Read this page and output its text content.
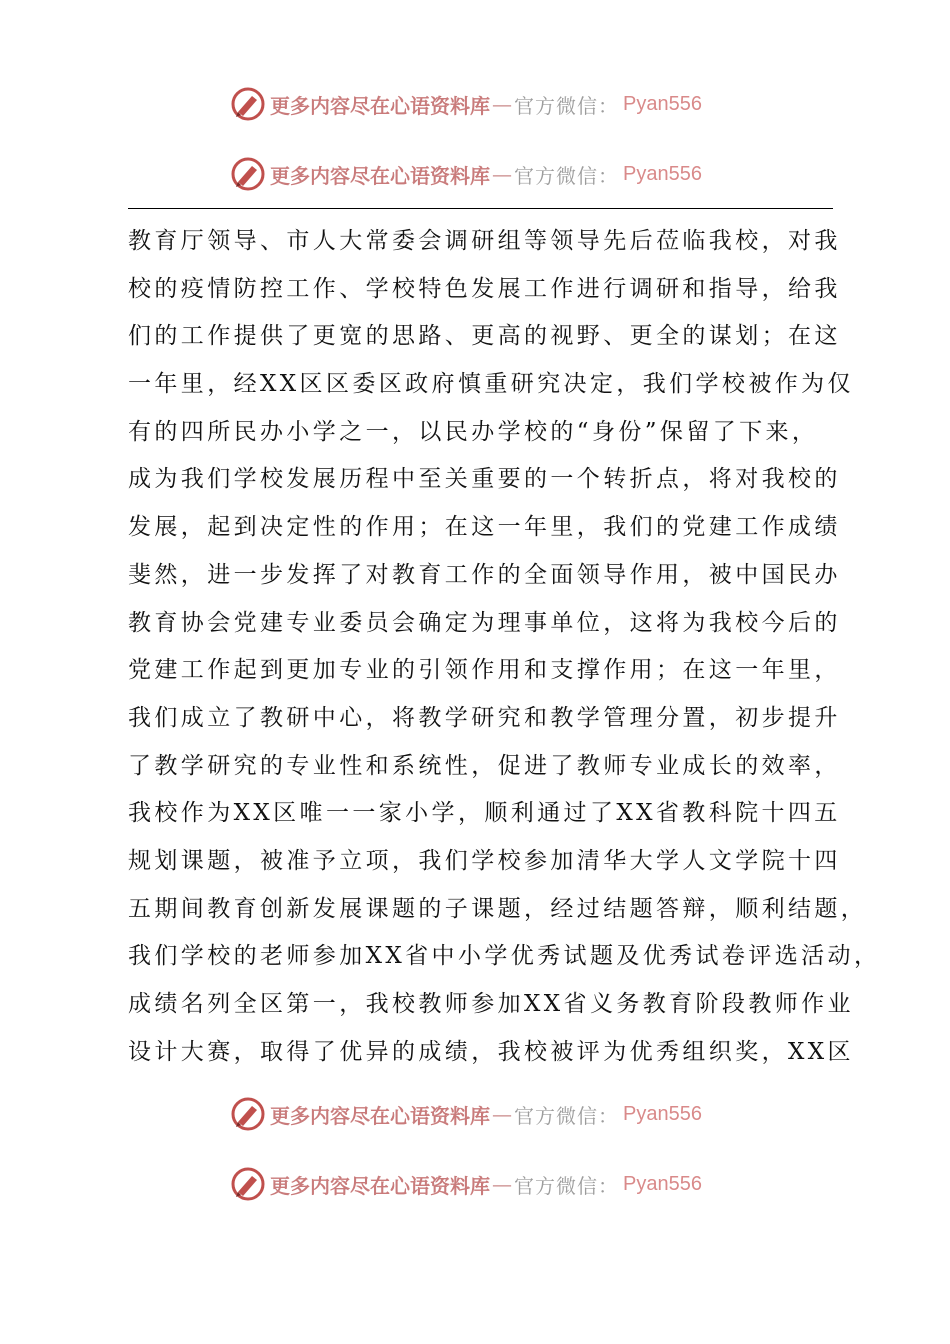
更多内容尽在心语资料库 — 官方微信： Pyan556
更多内容尽在心语资料库 — 官方微信： Pyan556
教育厅领导、市人大常委会调研组等领导先后莅临我校，对我
校的疫情防控工作、学校特色发展工作进行调研和指导，给我
们的工作提供了更宽的思路、更高的视野、更全的谋划；在这
一年里，经XX区区委区政府慎重研究决定，我们学校被作为仅
有的四所民办小学之一，以民办学校的“身份”保留了下来，
成为我们学校发展历程中至关重要的一个转折点，将对我校的
发展，起到决定性的作用；在这一年里，我们的党建工作成绩
斐然，进一步发挥了对教育工作的全面领导作用，被中国民办
教育协会党建专业委员会确定为理事单位，这将为我校今后的
党建工作起到更加专业的引领作用和支撑作用；在这一年里，
我们成立了教研中心，将教学研究和教学管理分置，初步提升
了教学研究的专业性和系统性，促进了教师专业成长的效率，
我校作为XX区唯一一家小学，顺利通过了XX省教科院十四五
规划课题，被准予立项，我们学校参加清华大学人文学院十四
五期间教育创新发展课题的子课题，经过结题答辩，顺利结题，
我们学校的老师参加XX省中小学优秀试题及优秀试卷评选活动，
成绩名列全区第一，我校教师参加XX省义务教育阶段教师作业
设计大赛，取得了优异的成绩，我校被评为优秀组织奖，XX区
更多内容尽在心语资料库 — 官方微信： Pyan556
更多内容尽在心语资料库 — 官方微信： Pyan556
